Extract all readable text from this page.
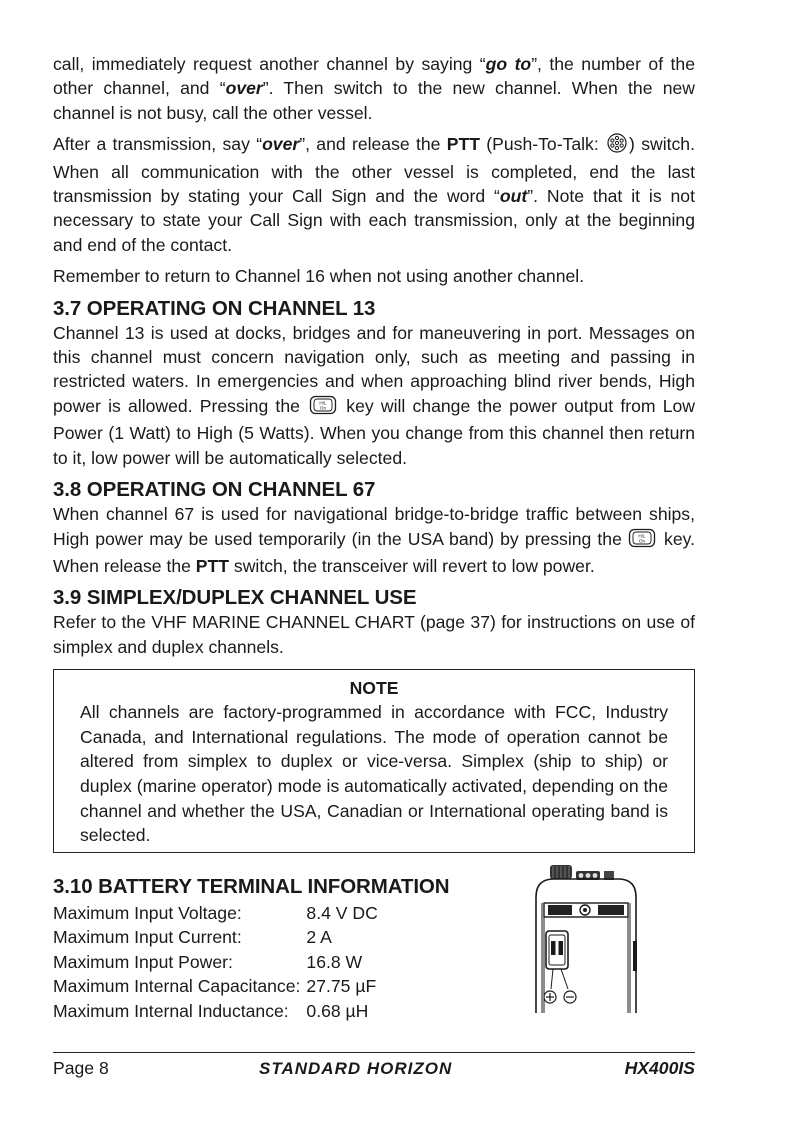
call, immediately request another channel by saying “go to”, the number of the other channel, and “over”. Then switch to the new channel. When the new channel is not busy, call the other vessel.

After a transmission, say “over”, and release the PTT (Push-To-Talk: ) switch. When all communication with the other vessel is completed, end the last transmission by stating your Call Sign and the word “out”. Note that it is not necessary to state your Call Sign with each transmission, only at the beginning and end of the contact.

Remember to return to Channel 16 when not using another channel.

3.7 OPERATING ON CHANNEL 13

Channel 13 is used at docks, bridges and for maneuvering in port. Messages on this channel must concern navigation only, such as meeting and passing in restricted waters. In emergencies and when approaching blind river bends, High power is allowed. Pressing the	H/L
On key will change the power output from Low Power (1 Watt) to High (5 Watts). When you change from this channel then return to it, low power will be automatically selected.

3.8 OPERATING ON CHANNEL 67

When channel 67 is used for navigational bridge-to-bridge traffic between ships, High power may be used temporarily (in the USA band) by pressing the H/L
On key. When release the PTT switch, the transceiver will revert to low power.

3.9 SIMPLEX/DUPLEX CHANNEL USE

Refer to the VHF MARINE CHANNEL CHART (page 37) for instructions on use of simplex and duplex channels.

NOTE

All channels are factory-programmed in accordance with FCC, Industry Canada, and International regulations. The mode of operation cannot be altered from simplex to duplex or vice-versa. Simplex (ship to ship) or duplex (marine operator) mode is automatically activated, depending on the channel and whether the USA, Canadian or International operating band is selected.

3.10 BATTERY TERMINAL INFORMATION
Maximum Input Voltage:	8.4 V DC
Maximum Input Current:	2 A
Maximum Input Power:	16.8 W
Maximum Internal Capacitance:	27.75 µF
Maximum Internal Inductance:	0.68 µH
Page 8	STANDARD HORIZON	HX400IS
